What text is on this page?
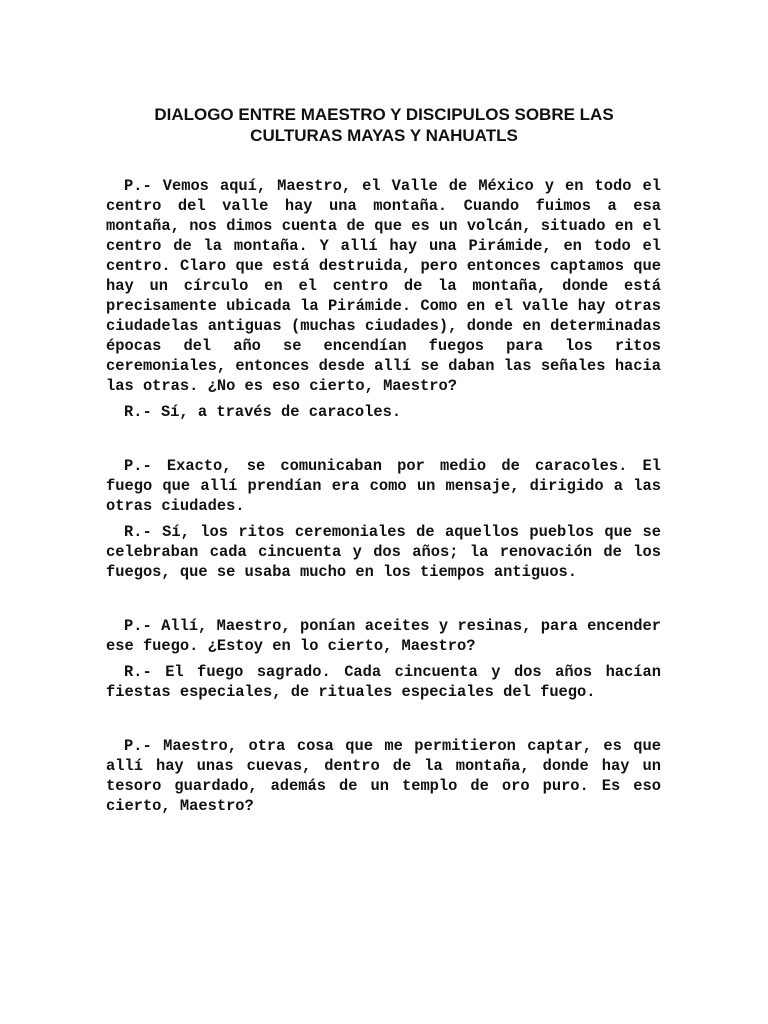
DIALOGO ENTRE MAESTRO Y DISCIPULOS SOBRE LAS
CULTURAS MAYAS Y NAHUATLS

P.- Vemos aquí, Maestro, el Valle de México y en todo el centro del valle hay una montaña. Cuando fuimos a esa montaña, nos dimos cuenta de que es un volcán, situado en el centro de la montaña. Y allí hay una Pirámide, en todo el centro. Claro que está destruida, pero entonces captamos que hay un círculo en el centro de la montaña, donde está precisamente ubicada la Pirámide. Como en el valle hay otras ciudadelas antiguas (muchas ciudades), donde en determinadas épocas del año se encendían fuegos para los ritos ceremoniales, entonces desde allí se daban las señales hacia las otras. ¿No es eso cierto, Maestro?

R.- Sí, a través de caracoles.

P.- Exacto, se comunicaban por medio de caracoles. El fuego que allí prendían era como un mensaje, dirigido a las otras ciudades.

R.- Sí, los ritos ceremoniales de aquellos pueblos que se celebraban cada cincuenta y dos años; la renovación de los fuegos, que se usaba mucho en los tiempos antiguos.

P.- Allí, Maestro, ponían aceites y resinas, para encender ese fuego. ¿Estoy en lo cierto, Maestro?

R.- El fuego sagrado. Cada cincuenta y dos años hacían fiestas especiales, de rituales especiales del fuego.

P.- Maestro, otra cosa que me permitieron captar, es que allí hay unas cuevas, dentro de la montaña, donde hay un tesoro guardado, además de un templo de oro puro. Es eso cierto, Maestro?
